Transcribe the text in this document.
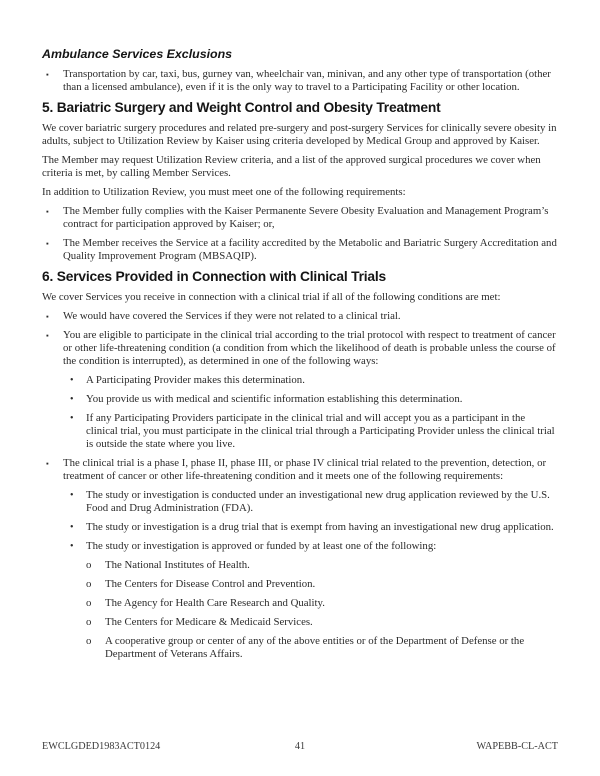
Ambulance Services Exclusions
▪	Transportation by car, taxi, bus, gurney van, wheelchair van, minivan, and any other type of transportation (other than a licensed ambulance), even if it is the only way to travel to a Participating Facility or other location.
5. Bariatric Surgery and Weight Control and Obesity Treatment

We cover bariatric surgery procedures and related pre-surgery and post-surgery Services for clinically severe obesity in adults, subject to Utilization Review by Kaiser using criteria developed by Medical Group and approved by Kaiser.

The Member may request Utilization Review criteria, and a list of the approved surgical procedures we cover when criteria is met, by calling Member Services.

In addition to Utilization Review, you must meet one of the following requirements:

▪	The Member fully complies with the Kaiser Permanente Severe Obesity Evaluation and Management Program’s contract for participation approved by Kaiser; or,
▪	The Member receives the Service at a facility accredited by the Metabolic and Bariatric Surgery Accreditation and Quality Improvement Program (MBSAQIP).
6. Services Provided in Connection with Clinical Trials

We cover Services you receive in connection with a clinical trial if all of the following conditions are met:

▪	We would have covered the Services if they were not related to a clinical trial.
▪	You are eligible to participate in the clinical trial according to the trial protocol with respect to treatment of cancer or other life-threatening condition (a condition from which the likelihood of death is probable unless the course of the condition is interrupted), as determined in one of the following ways:
•	A Participating Provider makes this determination.
•	You provide us with medical and scientific information establishing this determination.
•	If any Participating Providers participate in the clinical trial and will accept you as a participant in the clinical trial, you must participate in the clinical trial through a Participating Provider unless the clinical trial is outside the state where you live.
▪	The clinical trial is a phase I, phase II, phase III, or phase IV clinical trial related to the prevention, detection, or treatment of cancer or other life-threatening condition and it meets one of the following requirements:
•	The study or investigation is conducted under an investigational new drug application reviewed by the U.S. Food and Drug Administration (FDA).
•	The study or investigation is a drug trial that is exempt from having an investigational new drug application.
•	The study or investigation is approved or funded by at least one of the following:
o	The National Institutes of Health.
o	The Centers for Disease Control and Prevention.
o	The Agency for Health Care Research and Quality.
o	The Centers for Medicare & Medicaid Services.
o	A cooperative group or center of any of the above entities or of the Department of Defense or the Department of Veterans Affairs.
EWCLGDED1983ACT0124	41	WAPEBB-CL-ACT
